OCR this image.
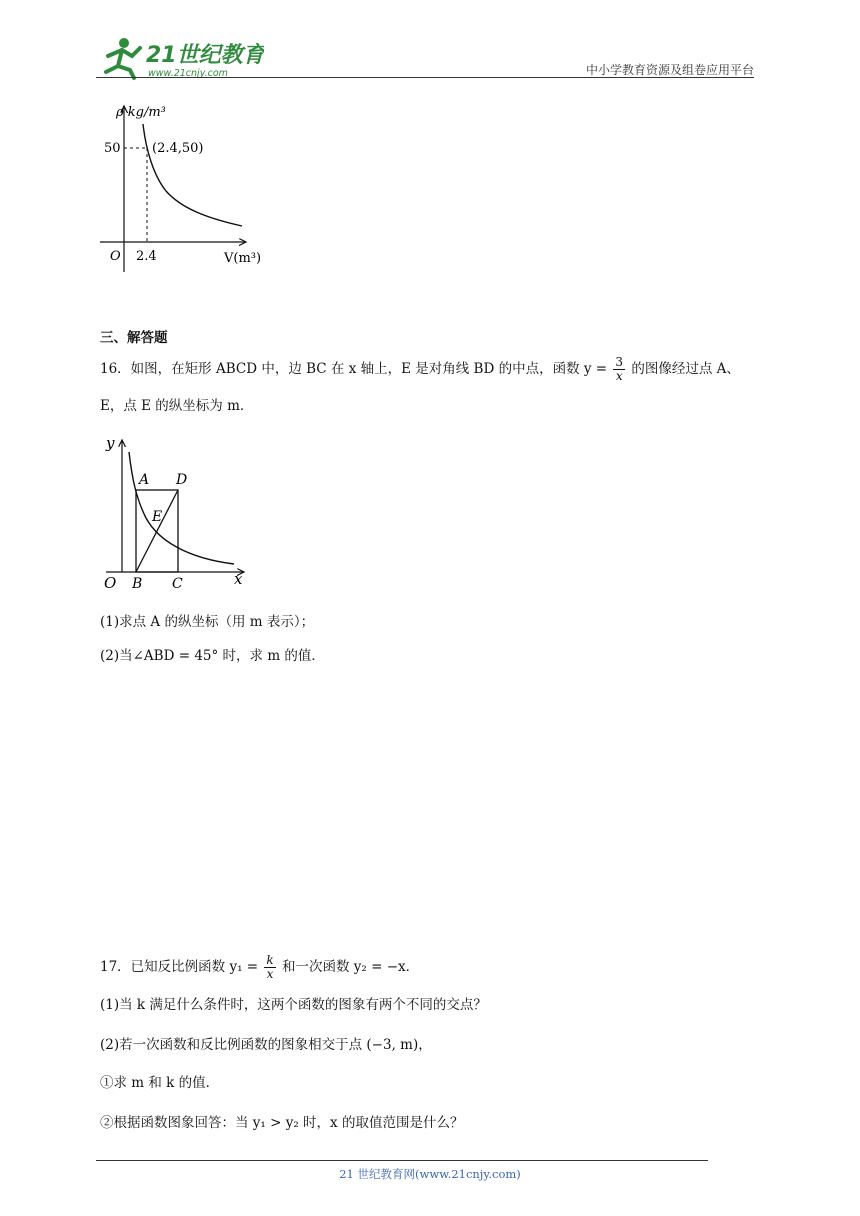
21世纪教育
www.21cnjy.com	中小学教育资源及组卷应用平台
ρ kg/m³
50 (2.4,50)
O 2.4	V(m³)
三、解答题
16．如图，在矩形 ABCD 中，边 BC 在 x 轴上，E 是对角线 BD 的中点，函数 $y = \frac{3}{x}$ 的图像经过点 A、
E，点 E 的纵坐标为 m．
y
A D
E
O B C	x
(1)求点 A 的纵坐标（用 m 表示）；
(2)当∠ABD = 45° 时，求 m 的值．
17．已知反比例函数 $y_1 = \frac{k}{x}$ 和一次函数 y₂ = −x．
(1)当 k 满足什么条件时，这两个函数的图象有两个不同的交点？
(2)若一次函数和反比例函数的图象相交于点 (−3, m)，
①求 m 和 k 的值．
②根据函数图象回答：当 y₁ > y₂ 时，x 的取值范围是什么？
21 世纪教育网(www.21cnjy.com)
